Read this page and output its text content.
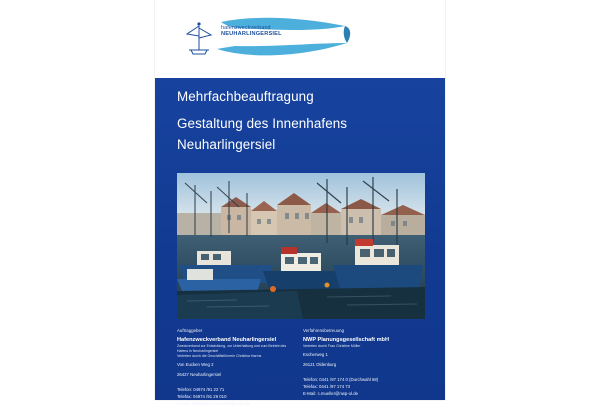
hafenzweckverband
NEUHARLINGERSIEL
Mehrfachbeauftragung
Gestaltung des Innenhafens
Neuharlingersiel
Auftraggeber
Hafenzweckverband Neuharlingersiel
Zweckverband zur Entwicklung, zur Unterhaltung und zum Betrieb des Hafens in Neuharlingersiel
Vertreten durch die Geschäftsführerin Christina Harms
Von Eucken Weg 2
26427 Neuharlingersiel
Telefon: 04974 /91 22 71
Telefax: 04974 /91 26 010
E-Mail: HZV@gem.neuharlingersiel.de
Verfahrensbetreuung
NWP Planungsgesellschaft mbH
Vertreten durch Frau Christine Müller
Escherweg 1
26121 Oldenburg
Telefon: 0441 /97 174 0 (Durchwahl 68)
Telefax: 0441 /97 174 73
E-Mail: c.mueller@nwp-ol.de
